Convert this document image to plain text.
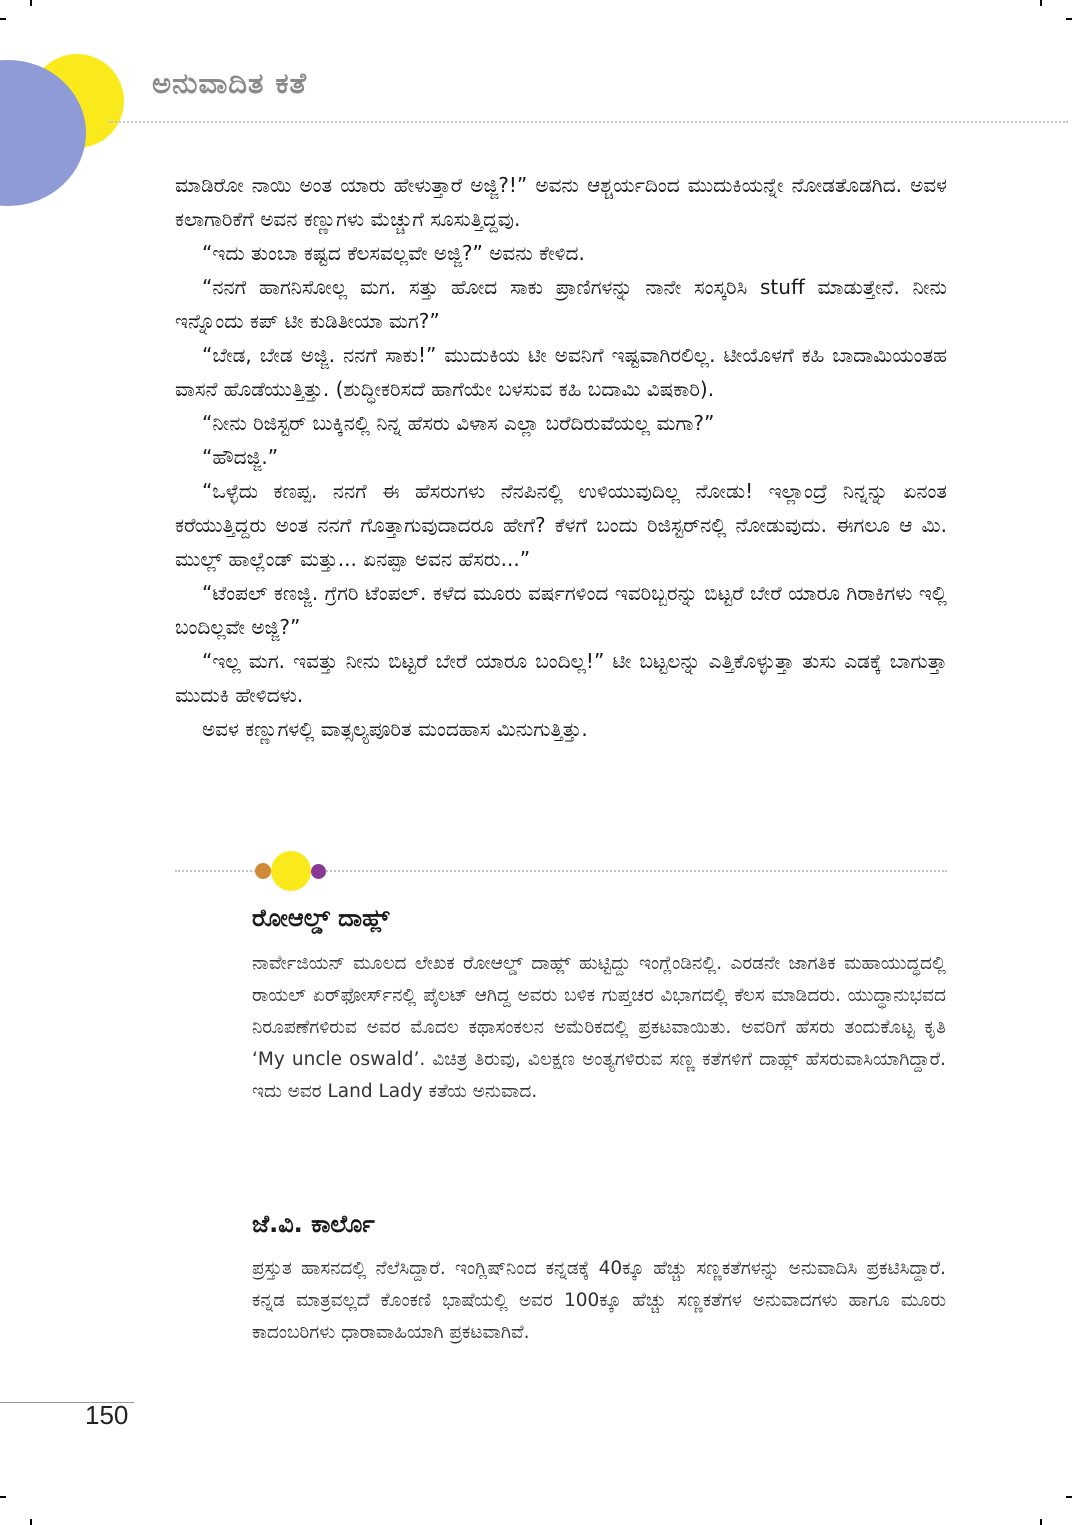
ಅನುವಾದಿತ ಕತೆ

ಮಾಡಿರೋ ನಾಯಿ ಅಂತ ಯಾರು ಹೇಳುತ್ತಾರೆ ಅಜ್ಜಿ?!” ಅವನು ಆಶ್ಚರ್ಯದಿಂದ ಮುದುಕಿಯನ್ನೇ ನೋಡತೊಡಗಿದ. ಅವಳ ಕಲಾಗಾರಿಕೆಗೆ ಅವನ ಕಣ್ಣುಗಳು ಮೆಚ್ಚುಗೆ ಸೂಸುತ್ತಿದ್ದವು.

“ಇದು ತುಂಬಾ ಕಷ್ಟದ ಕೆಲಸವಲ್ಲವೇ ಅಜ್ಜಿ?” ಅವನು ಕೇಳಿದ.

“ನನಗೆ ಹಾಗನಿಸೋಲ್ಲ ಮಗ. ಸತ್ತು ಹೋದ ಸಾಕು ಪ್ರಾಣಿಗಳನ್ನು ನಾನೇ ಸಂಸ್ಕರಿಸಿ stuff ಮಾಡುತ್ತೇನೆ. ನೀನು ಇನ್ನೊಂದು ಕಪ್ ಟೀ ಕುಡಿತೀಯಾ ಮಗ?”

“ಬೇಡ, ಬೇಡ ಅಜ್ಜಿ. ನನಗೆ ಸಾಕು!” ಮುದುಕಿಯ ಟೀ ಅವನಿಗೆ ಇಷ್ಟವಾಗಿರಲಿಲ್ಲ. ಟೀಯೊಳಗೆ ಕಹಿ ಬಾದಾಮಿಯಂತಹ ವಾಸನೆ ಹೊಡೆಯುತ್ತಿತ್ತು. (ಶುದ್ಧೀಕರಿಸದೆ ಹಾಗೆಯೇ ಬಳಸುವ ಕಹಿ ಬದಾಮಿ ವಿಷಕಾರಿ).

“ನೀನು ರಿಜಿಸ್ಟರ್ ಬುಕ್ಕಿನಲ್ಲಿ ನಿನ್ನ ಹೆಸರು ವಿಳಾಸ ಎಲ್ಲಾ ಬರೆದಿರುವೆಯಲ್ಲ ಮಗಾ?”

“ಹೌದಜ್ಜಿ.”

“ಒಳ್ಳೆದು ಕಣಪ್ಪ. ನನಗೆ ಈ ಹೆಸರುಗಳು ನೆನಪಿನಲ್ಲಿ ಉಳಿಯುವುದಿಲ್ಲ ನೋಡು! ಇಲ್ಲಾಂದ್ರೆ ನಿನ್ನನ್ನು ಏನಂತ ಕರೆಯುತ್ತಿದ್ದರು ಅಂತ ನನಗೆ ಗೊತ್ತಾಗುವುದಾದರೂ ಹೇಗೆ? ಕೆಳಗೆ ಬಂದು ರಿಜಿಸ್ಟರ್‌ನಲ್ಲಿ ನೋಡುವುದು. ಈಗಲೂ ಆ ಮಿ. ಮುಲ್ಲ್ ಹಾಲ್ಲೆಂಡ್ ಮತ್ತು... ಏನಪ್ಪಾ ಅವನ ಹೆಸರು...”

“ಟೆಂಪಲ್ ಕಣಜ್ಜಿ. ಗ್ರೆಗರಿ ಟೆಂಪಲ್. ಕಳೆದ ಮೂರು ವರ್ಷಗಳಿಂದ ಇವರಿಬ್ಬರನ್ನು ಬಿಟ್ಟರೆ ಬೇರೆ ಯಾರೂ ಗಿರಾಕಿಗಳು ಇಲ್ಲಿ ಬಂದಿಲ್ಲವೇ ಅಜ್ಜಿ?”

“ಇಲ್ಲ ಮಗ. ಇವತ್ತು ನೀನು ಬಿಟ್ಟರೆ ಬೇರೆ ಯಾರೂ ಬಂದಿಲ್ಲ!” ಟೀ ಬಟ್ಟಲನ್ನು ಎತ್ತಿಕೊಳ್ಳುತ್ತಾ ತುಸು ಎಡಕ್ಕೆ ಬಾಗುತ್ತಾ ಮುದುಕಿ ಹೇಳಿದಳು.

ಅವಳ ಕಣ್ಣುಗಳಲ್ಲಿ ವಾತ್ಸಲ್ಯಪೂರಿತ ಮಂದಹಾಸ ಮಿನುಗುತ್ತಿತ್ತು.

ರೋಆಲ್ಡ್ ದಾಹ್ಲ್

ನಾರ್ವೇಜಿಯನ್ ಮೂಲದ ಲೇಖಕ ರೋಆಲ್ಡ್ ದಾಹ್ಲ್ ಹುಟ್ಟಿದ್ದು ಇಂಗ್ಲೆಂಡಿನಲ್ಲಿ. ಎರಡನೇ ಜಾಗತಿಕ ಮಹಾಯುದ್ಧದಲ್ಲಿ ರಾಯಲ್ ಏರ್‌ಫೋರ್ಸ್‌ನಲ್ಲಿ ಪೈಲಟ್ ಆಗಿದ್ದ ಅವರು ಬಳಿಕ ಗುಪ್ತಚರ ವಿಭಾಗದಲ್ಲಿ ಕೆಲಸ ಮಾಡಿದರು. ಯುದ್ಧಾನುಭವದ ನಿರೂಪಣೆಗಳಿರುವ ಅವರ ಮೊದಲ ಕಥಾಸಂಕಲನ ಅಮೆರಿಕದಲ್ಲಿ ಪ್ರಕಟವಾಯಿತು. ಅವರಿಗೆ ಹೆಸರು ತಂದುಕೊಟ್ಟ ಕೃತಿ ‘My uncle oswald’. ವಿಚಿತ್ರ ತಿರುವು, ವಿಲಕ್ಷಣ ಅಂತ್ಯಗಳಿರುವ ಸಣ್ಣ ಕತೆಗಳಿಗೆ ದಾಹ್ಲ್ ಹೆಸರುವಾಸಿಯಾಗಿದ್ದಾರೆ. ಇದು ಅವರ Land Lady ಕತೆಯ ಅನುವಾದ.

ಜೆ.ವಿ. ಕಾರ್ಲೊ

ಪ್ರಸ್ತುತ ಹಾಸನದಲ್ಲಿ ನೆಲೆಸಿದ್ದಾರೆ. ಇಂಗ್ಲಿಷ್‌ನಿಂದ ಕನ್ನಡಕ್ಕೆ 40ಕ್ಕೂ ಹೆಚ್ಚು ಸಣ್ಣಕತೆಗಳನ್ನು ಅನುವಾದಿಸಿ ಪ್ರಕಟಿಸಿದ್ದಾರೆ. ಕನ್ನಡ ಮಾತ್ರವಲ್ಲದೆ ಕೊಂಕಣಿ ಭಾಷೆಯಲ್ಲಿ ಅವರ 100ಕ್ಕೂ ಹೆಚ್ಚು ಸಣ್ಣಕತೆಗಳ ಅನುವಾದಗಳು ಹಾಗೂ ಮೂರು ಕಾದಂಬರಿಗಳು ಧಾರಾವಾಹಿಯಾಗಿ ಪ್ರಕಟವಾಗಿವೆ.

150
